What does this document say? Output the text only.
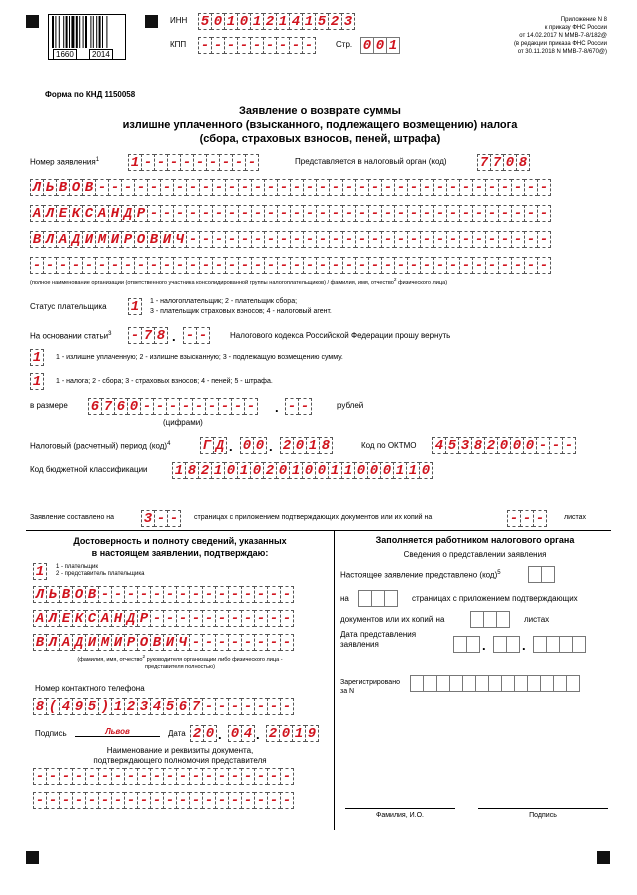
1660	2014
ИНН 5 0 1 0 1 2 1 4 1 5 2 3
КПП - - - - - - - - -	Стр. 0 0 1
Приложение N 8
к приказу ФНС России
от 14.02.2017 N ММВ-7-8/182@
(в редакции приказа ФНС России
от 30.11.2018 N ММВ-7-8/670@)
Форма по КНД 1150058
Заявление о возврате суммы
излишне уплаченного (взысканного, подлежащего возмещению) налога
(сбора, страховых взносов, пеней, штрафа)
Номер заявления$^1$ 1 - - - - - - - - -	Представляется в налоговый орган (код) 7 7 0 8
Л Ь В О В - - - - - - - - - - - - - - - - - - - - - - - - - - - - - - - - - - -
А Л Е К С А Н Д Р - - - - - - - - - - - - - - - - - - - - - - - - - - - - - - -
В Л А Д И М И Р О В И Ч - - - - - - - - - - - - - - - - - - - - - - - - - - - -
- - - - - - - - - - - - - - - - - - - - - - - - - - - - - - - - - - - - - - - -
(полное наименование организации (ответственного участника консолидированной группы налогоплательщиков) / фамилия, имя, отчество$^2$ физического лица)
Статус плательщика 1	1 - налогоплательщик; 2 - плательщик сбора;
3 - плательщик страховых взносов; 4 - налоговый агент.
На основании статьи$^3$ - 7 8 . - -	Налогового кодекса Российской Федерации прошу вернуть
1	1 - излишне уплаченную; 2 - излишне взысканную; 3 - подлежащую возмещению сумму.
1	1 - налога; 2 - сбора; 3 - страховых взносов; 4 - пеней; 5 - штрафа.
в размере 6 7 6 0 - - - - - - - - - . - -	рублей
(цифрами)
Налоговый (расчетный) период (код)$^4$ Г Д . 0 0 . 2 0 1 8	Код по ОКТМО 4 5 3 8 2 0 0 0 - - -
Код бюджетной классификации 1 8 2 1 0 1 0 2 0 1 0 0 1 1 0 0 0 1 1 0
Заявление составлено на 3 - -	страницах с приложением подтверждающих документов или их копий на	- - -	листах
Достоверность и полноту сведений, указанных
в настоящем заявлении, подтверждаю:
1	1 - плательщик
2 - представитель плательщика
Л Ь В О В - - - - - - - - - - - - - - -
А Л Е К С А Н Д Р - - - - - - - - - - -
В Л А Д И М И Р О В И Ч - - - - - - - -
(фамилия, имя, отчество$^2$ руководителя организации либо физического лица -
представителя полностью)
Номер контактного телефона
8 ( 4 9 5 ) 1 2 3 4 5 6 7 - - - - - - -
Подпись	Львов	Дата 2 0 . 0 4 . 2 0 1 9
Наименование и реквизиты документа,
подтверждающего полномочия представителя
- - - - - - - - - - - - - - - - - - - -
- - - - - - - - - - - - - - - - - - - -
Заполняется работником налогового органа
Сведения о представлении заявления
Настоящее заявление представлено (код)$^5$
на	страницах с приложением подтверждающих
документов или их копий на	листах
Дата представления
заявления	.	.
Зарегистрировано
за N
Фамилия, И.О.	Подпись
